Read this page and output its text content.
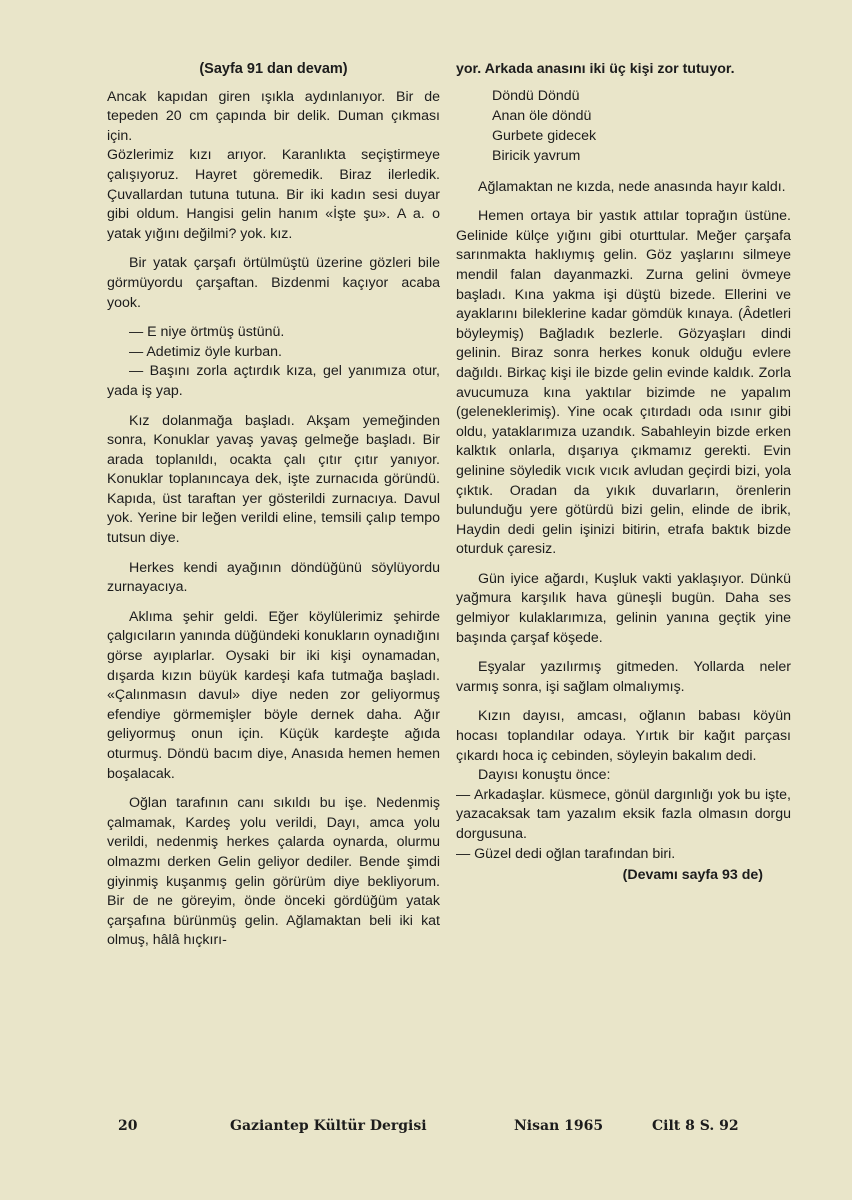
(Sayfa 91 dan devam)

Ancak kapıdan giren ışıkla aydınlanıyor. Bir de tepeden 20 cm çapında bir delik. Duman çıkması için.

Gözlerimiz kızı arıyor. Karanlıkta seçiştirmeye çalışıyoruz. Hayret göremedik. Biraz ilerledik. Çuvallardan tutuna tutuna. Bir iki kadın sesi duyar gibi oldum. Hangisi gelin hanım «İşte şu». A a. o yatak yığını değilmi? yok. kız.

Bir yatak çarşafı örtülmüştü üzerine gözleri bile görmüyordu çarşaftan. Bizdenmi kaçıyor acaba yook.

— E niye örtmüş üstünü.

— Adetimiz öyle kurban.

— Başını zorla açtırdık kıza, gel yanımıza otur, yada iş yap.

Kız dolanmağa başladı. Akşam yemeğinden sonra, Konuklar yavaş yavaş gelmeğe başladı. Bir arada toplanıldı, ocakta çalı çıtır çıtır yanıyor. Konuklar toplanıncaya dek, işte zurnacıda göründü. Kapıda, üst taraftan yer gösterildi zurnacıya. Davul yok. Yerine bir leğen verildi eline, temsili çalıp tempo tutsun diye.

Herkes kendi ayağının döndüğünü söylüyordu zurnayacıya.

Aklıma şehir geldi. Eğer köylülerimiz şehirde çalgıcıların yanında düğündeki konukların oynadığını görse ayıplarlar. Oysaki bir iki kişi oynamadan, dışarda kızın büyük kardeşi kafa tutmağa başladı. «Çalınmasın davul» diye neden zor geliyormuş efendiye görmemişler böyle dernek daha. Ağır geliyormuş onun için. Küçük kardeşte ağıda oturmuş. Döndü bacım diye, Anasıda hemen hemen boşalacak.

Oğlan tarafının canı sıkıldı bu işe. Nedenmiş çalmamak, Kardeş yolu verildi, Dayı, amca yolu verildi, nedenmiş herkes çalarda oynarda, olurmu olmazmı derken Gelin geliyor dediler. Bende şimdi giyinmiş kuşanmış gelin görürüm diye bekliyorum. Bir de ne göreyim, önde önceki gördüğüm yatak çarşafına bürünmüş gelin. Ağlamaktan beli iki kat olmuş, hâlâ hıçkırı-

yor. Arkada anasını iki üç kişi zor tutuyor.

Döndü Döndü
Anan öle döndü
Gurbete gidecek
Biricik yavrum

Ağlamaktan ne kızda, nede anasında hayır kaldı.

Hemen ortaya bir yastık attılar toprağın üstüne. Gelinide külçe yığını gibi oturttular. Meğer çarşafa sarınmakta haklıymış gelin. Göz yaşlarını silmeye mendil falan dayanmazki. Zurna gelini övmeye başladı. Kına yakma işi düştü bizede. Ellerini ve ayaklarını bileklerine kadar gömdük kınaya. (Âdetleri böyleymiş) Bağladık bezlerle. Gözyaşları dindi gelinin. Biraz sonra herkes konuk olduğu evlere dağıldı. Birkaç kişi ile bizde gelin evinde kaldık. Zorla avucumuza kına yaktılar bizimde ne yapalım (geleneklerimiş). Yine ocak çıtırdadı oda ısınır gibi oldu, yataklarımıza uzandık. Sabahleyin bizde erken kalktık onlarla, dışarıya çıkmamız gerekti. Evin gelinine söyledik vıcık vıcık avludan geçirdi bizi, yola çıktık. Oradan da yıkık duvarların, örenlerin bulunduğu yere götürdü bizi gelin, elinde de ibrik, Haydin dedi gelin işinizi bitirin, etrafa baktık bizde oturduk çaresiz.

Gün iyice ağardı, Kuşluk vakti yaklaşıyor. Dünkü yağmura karşılık hava güneşli bugün. Daha ses gelmiyor kulaklarımıza, gelinin yanına geçtik yine başında çarşaf köşede.

Eşyalar yazılırmış gitmeden. Yollarda neler varmış sonra, işi sağlam olmalıymış.

Kızın dayısı, amcası, oğlanın babası köyün hocası toplandılar odaya. Yırtık bir kağıt parçası çıkardı hoca iç cebinden, söyleyin bakalım dedi.

Dayısı konuştu önce:

— Arkadaşlar. küsmece, gönül dargınlığı yok bu işte, yazacaksak tam yazalım eksik fazla olmasın dorgu dorgusuna.

— Güzel dedi oğlan tarafından biri.

(Devamı sayfa 93 de)
20	Gaziantep Kültür Dergisi	Nisan 1965	Cilt 8 S. 92
